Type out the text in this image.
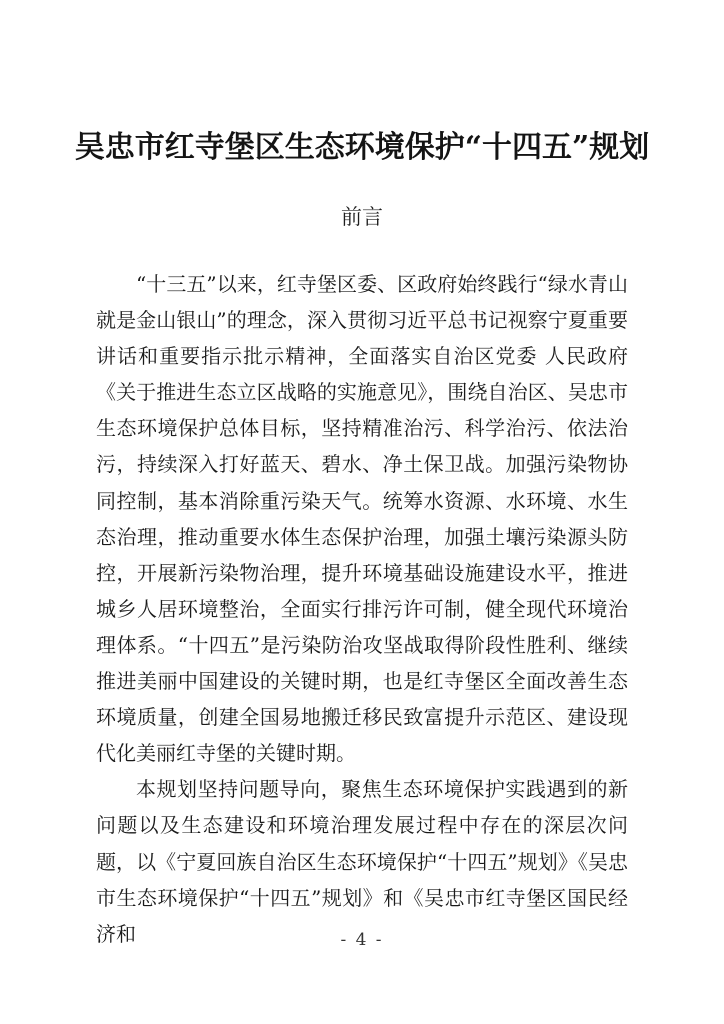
吴忠市红寺堡区生态环境保护“十四五”规划
前言

“十三五”以来，红寺堡区委、区政府始终践行“绿水青山就是金山银山”的理念，深入贯彻习近平总书记视察宁夏重要讲话和重要指示批示精神，全面落实自治区党委 人民政府《关于推进生态立区战略的实施意见》，围绕自治区、吴忠市生态环境保护总体目标，坚持精准治污、科学治污、依法治污，持续深入打好蓝天、碧水、净土保卫战。加强污染物协同控制，基本消除重污染天气。统筹水资源、水环境、水生态治理，推动重要水体生态保护治理，加强土壤污染源头防控，开展新污染物治理，提升环境基础设施建设水平，推进城乡人居环境整治，全面实行排污许可制，健全现代环境治理体系。“十四五”是污染防治攻坚战取得阶段性胜利、继续推进美丽中国建设的关键时期，也是红寺堡区全面改善生态环境质量，创建全国易地搬迁移民致富提升示范区、建设现代化美丽红寺堡的关键时期。

本规划坚持问题导向，聚焦生态环境保护实践遇到的新问题以及生态建设和环境治理发展过程中存在的深层次问题，以《宁夏回族自治区生态环境保护“十四五”规划》《吴忠市生态环境保护“十四五”规划》和《吴忠市红寺堡区国民经济和	- 4 -
